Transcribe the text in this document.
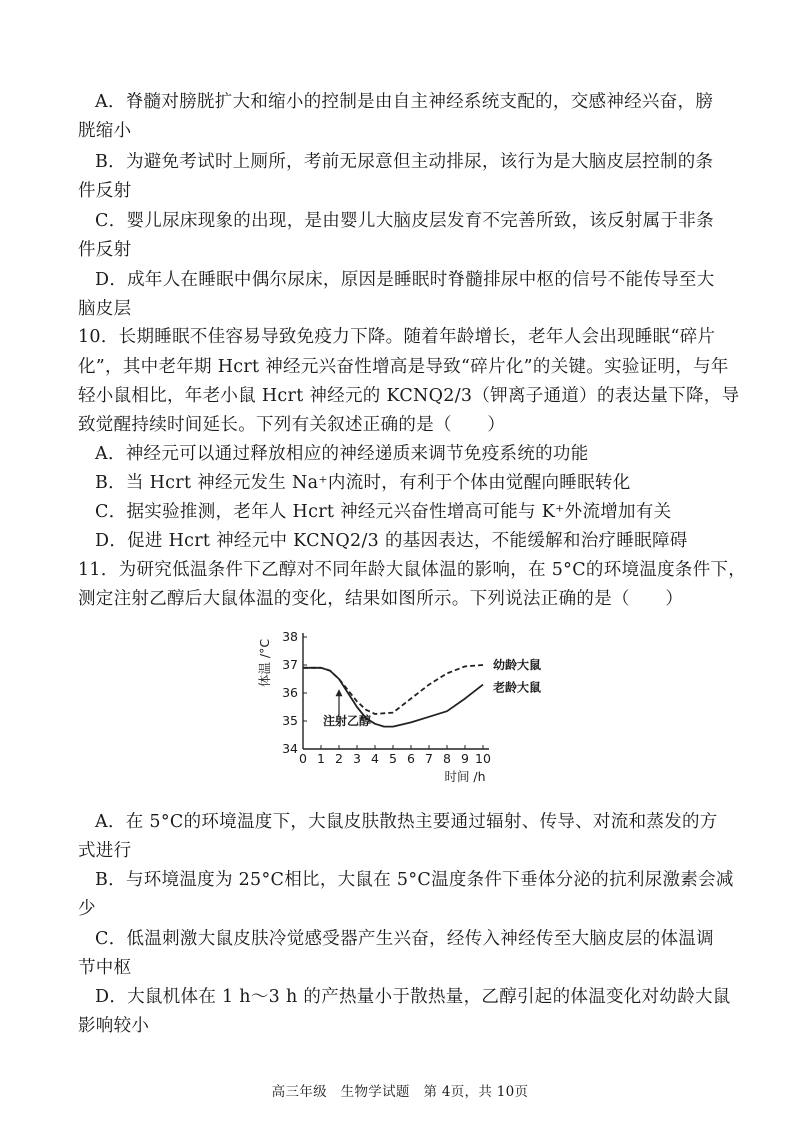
A．脊髓对膀胱扩大和缩小的控制是由自主神经系统支配的，交感神经兴奋，膀
胱缩小
B．为避免考试时上厕所，考前无尿意但主动排尿，该行为是大脑皮层控制的条
件反射
C．婴儿尿床现象的出现，是由婴儿大脑皮层发育不完善所致，该反射属于非条
件反射
D．成年人在睡眠中偶尔尿床，原因是睡眠时脊髓排尿中枢的信号不能传导至大
脑皮层
10．长期睡眠不佳容易导致免疫力下降。随着年龄增长，老年人会出现睡眠“碎片
化”，其中老年期 Hcrt 神经元兴奋性增高是导致“碎片化”的关键。实验证明，与年
轻小鼠相比，年老小鼠 Hcrt 神经元的 KCNQ2/3（钾离子通道）的表达量下降，导
致觉醒持续时间延长。下列有关叙述正确的是（　　）
A．神经元可以通过释放相应的神经递质来调节免疫系统的功能
B．当 Hcrt 神经元发生 Na⁺内流时，有利于个体由觉醒向睡眠转化
C．据实验推测，老年人 Hcrt 神经元兴奋性增高可能与 K⁺外流增加有关
D．促进 Hcrt 神经元中 KCNQ2/3 的基因表达，不能缓解和治疗睡眠障碍
11．为研究低温条件下乙醇对不同年龄大鼠体温的影响，在 5°C的环境温度条件下，
测定注射乙醇后大鼠体温的变化，结果如图所示。下列说法正确的是（　　）
0 1 2 3 4 5 6 7 8 9 10
34
35
36
37
38
时间 /h
体温 /°C	幼龄大鼠
老龄大鼠
注射乙醇
A．在 5°C的环境温度下，大鼠皮肤散热主要通过辐射、传导、对流和蒸发的方
式进行
B．与环境温度为 25°C相比，大鼠在 5°C温度条件下垂体分泌的抗利尿激素会减
少
C．低温刺激大鼠皮肤冷觉感受器产生兴奋，经传入神经传至大脑皮层的体温调
节中枢
D．大鼠机体在 1 h～3 h 的产热量小于散热量，乙醇引起的体温变化对幼龄大鼠
影响较小
高三年级　生物学试题　第 4页，共 10页
